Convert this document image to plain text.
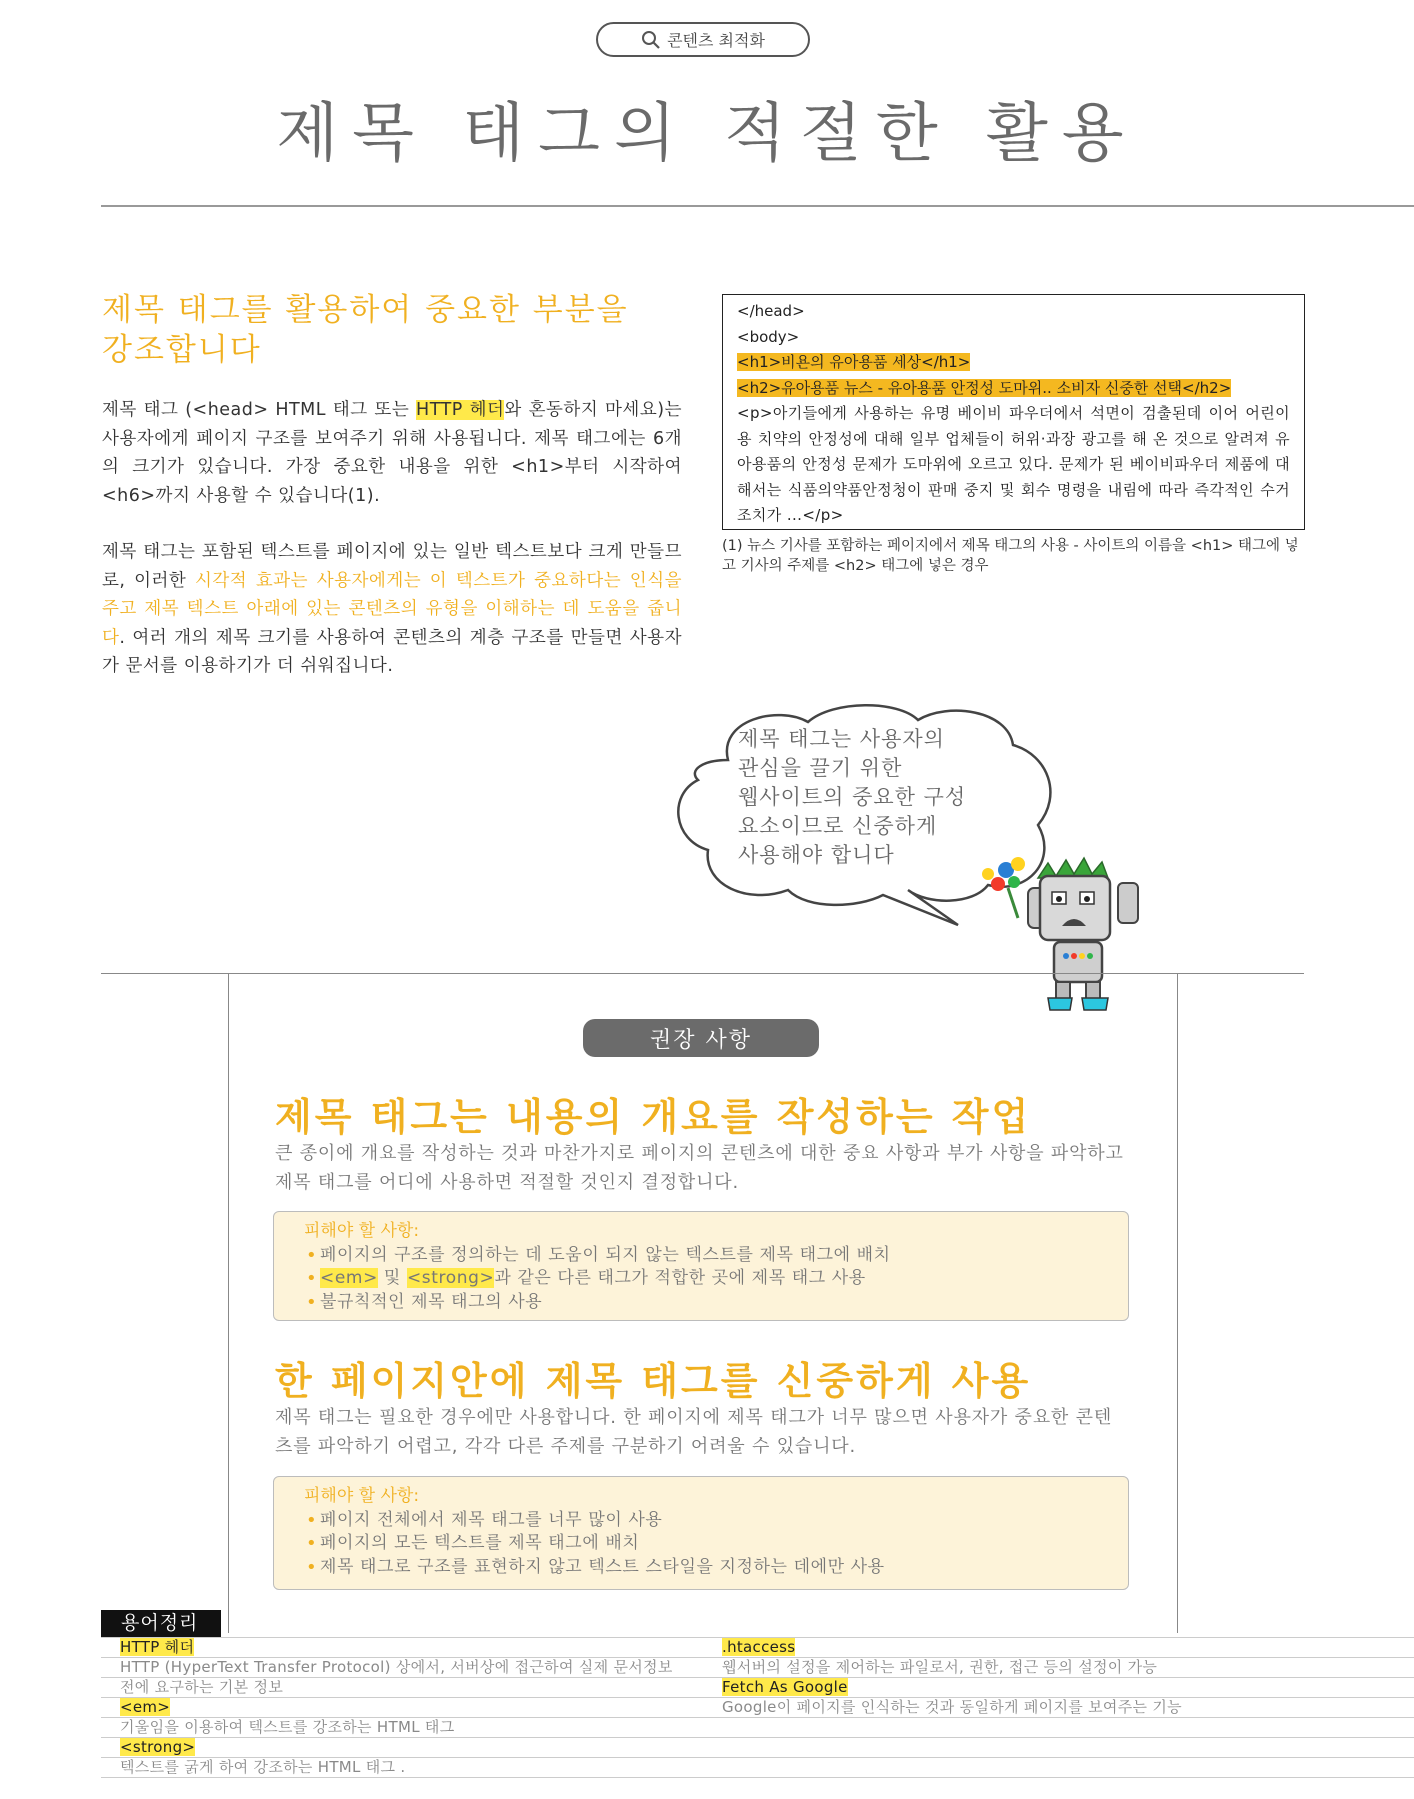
콘텐츠 최적화
제목 태그의 적절한 활용
제목 태그를 활용하여 중요한 부분을
강조합니다

제목 태그 (<head> HTML 태그 또는 HTTP 헤더와 혼동하지 마세요)는 사용자에게 페이지 구조를 보여주기 위해 사용됩니다. 제목 태그에는 6개의 크기가 있습니다. 가장 중요한 내용을 위한 <h1>부터 시작하여 <h6>까지 사용할 수 있습니다(1).

제목 태그는 포함된 텍스트를 페이지에 있는 일반 텍스트보다 크게 만들므로, 이러한 시각적 효과는 사용자에게는 이 텍스트가 중요하다는 인식을 주고 제목 텍스트 아래에 있는 콘텐츠의 유형을 이해하는 데 도움을 줍니다. 여러 개의 제목 크기를 사용하여 콘텐츠의 계층 구조를 만들면 사용자가 문서를 이용하기가 더 쉬워집니다.

</head>
<body>
<h1>비욘의 유아용품 세상</h1>
<h2>유아용품 뉴스 - 유아용품 안정성 도마위.. 소비자 신중한 선택</h2>
<p>아기들에게 사용하는 유명 베이비 파우더에서 석면이 검출된데 이어 어린이용 치약의 안정성에 대해 일부 업체들이 허위·과장 광고를 해 온 것으로 알려져 유아용품의 안정성 문제가 도마위에 오르고 있다. 문제가 된 베이비파우더 제품에 대해서는 식품의약품안정청이 판매 중지 및 회수 명령을 내림에 따라 즉각적인 수거 조치가 ...</p>
(1) 뉴스 기사를 포함하는 페이지에서 제목 태그의 사용 - 사이트의 이름을 <h1> 태그에 넣고 기사의 주제를 <h2> 태그에 넣은 경우
제목 태그는 사용자의
관심을 끌기 위한
웹사이트의 중요한 구성
요소이므로 신중하게
사용해야 합니다
권장 사항
제목 태그는 내용의 개요를 작성하는 작업

큰 종이에 개요를 작성하는 것과 마찬가지로 페이지의 콘텐츠에 대한 중요 사항과 부가 사항을 파악하고 제목 태그를 어디에 사용하면 적절할 것인지 결정합니다.

피해야 할 사항:
• 페이지의 구조를 정의하는 데 도움이 되지 않는 텍스트를 제목 태그에 배치
• <em> 및 <strong>과 같은 다른 태그가 적합한 곳에 제목 태그 사용
• 불규칙적인 제목 태그의 사용
한 페이지안에 제목 태그를 신중하게 사용

제목 태그는 필요한 경우에만 사용합니다. 한 페이지에 제목 태그가 너무 많으면 사용자가 중요한 콘텐츠를 파악하기 어렵고, 각각 다른 주제를 구분하기 어려울 수 있습니다.

피해야 할 사항:
• 페이지 전체에서 제목 태그를 너무 많이 사용
• 페이지의 모든 텍스트를 제목 태그에 배치
• 제목 태그로 구조를 표현하지 않고 텍스트 스타일을 지정하는 데에만 사용
용어정리
HTTP 헤더
HTTP (HyperText Transfer Protocol) 상에서, 서버상에 접근하여 실제 문서정보
전에 요구하는 기본 정보
<em>
기울임을 이용하여 텍스트를 강조하는 HTML 태그
<strong>
텍스트를 굵게 하여 강조하는 HTML 태그 .
.htaccess
웹서버의 설정을 제어하는 파일로서, 권한, 접근 등의 설정이 가능
Fetch As Google
Google이 페이지를 인식하는 것과 동일하게 페이지를 보여주는 기능
